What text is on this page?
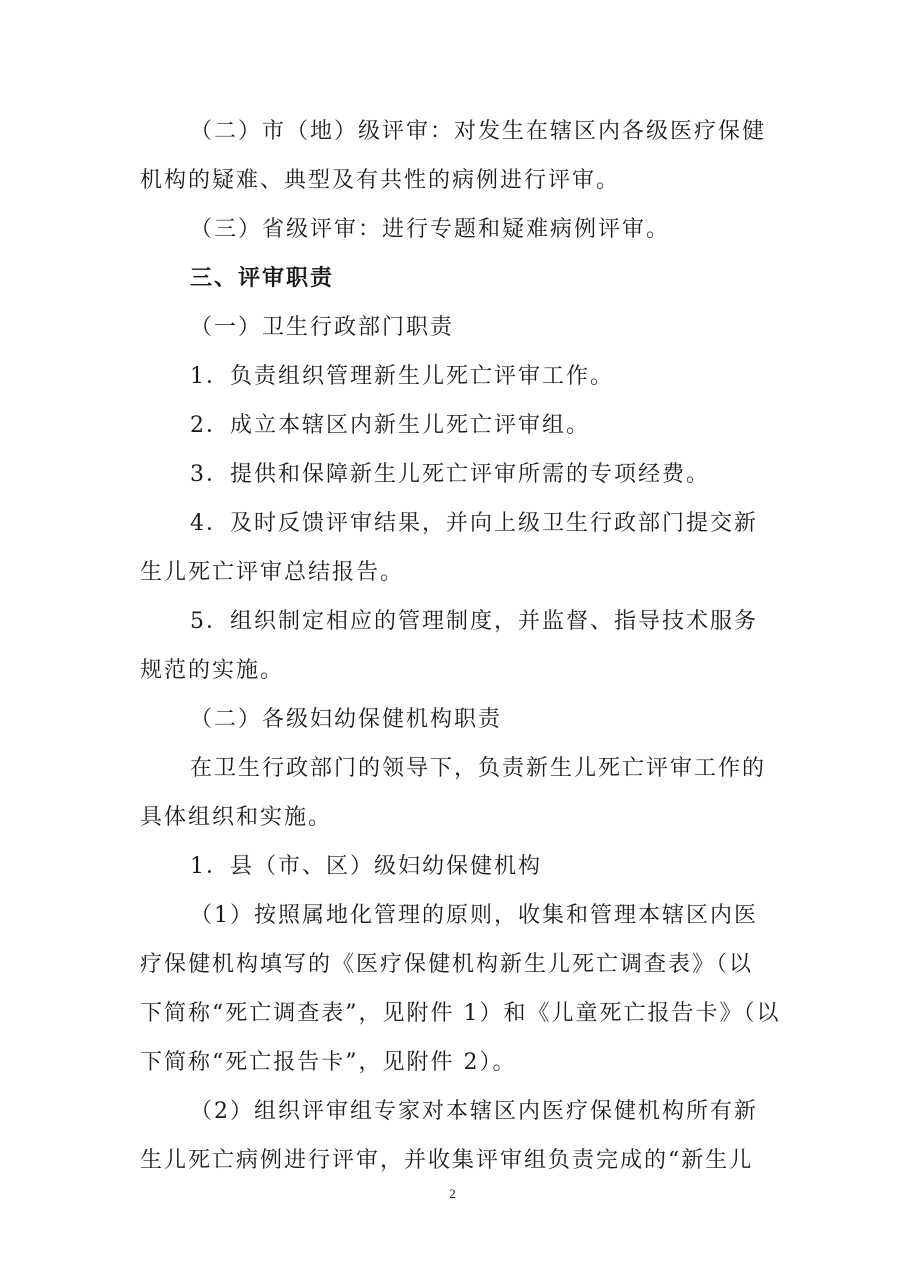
（二）市（地）级评审：对发生在辖区内各级医疗保健
机构的疑难、典型及有共性的病例进行评审。
（三）省级评审：进行专题和疑难病例评审。
三、评审职责
（一）卫生行政部门职责
1．负责组织管理新生儿死亡评审工作。
2．成立本辖区内新生儿死亡评审组。
3．提供和保障新生儿死亡评审所需的专项经费。
4．及时反馈评审结果，并向上级卫生行政部门提交新
生儿死亡评审总结报告。
5．组织制定相应的管理制度，并监督、指导技术服务
规范的实施。
（二）各级妇幼保健机构职责
在卫生行政部门的领导下，负责新生儿死亡评审工作的
具体组织和实施。
1．县（市、区）级妇幼保健机构
（1）按照属地化管理的原则，收集和管理本辖区内医
疗保健机构填写的《医疗保健机构新生儿死亡调查表》（以
下简称“死亡调查表”，见附件 1）和《儿童死亡报告卡》（以
下简称“死亡报告卡”，见附件 2）。
（2）组织评审组专家对本辖区内医疗保健机构所有新
生儿死亡病例进行评审，并收集评审组负责完成的“新生儿
2
